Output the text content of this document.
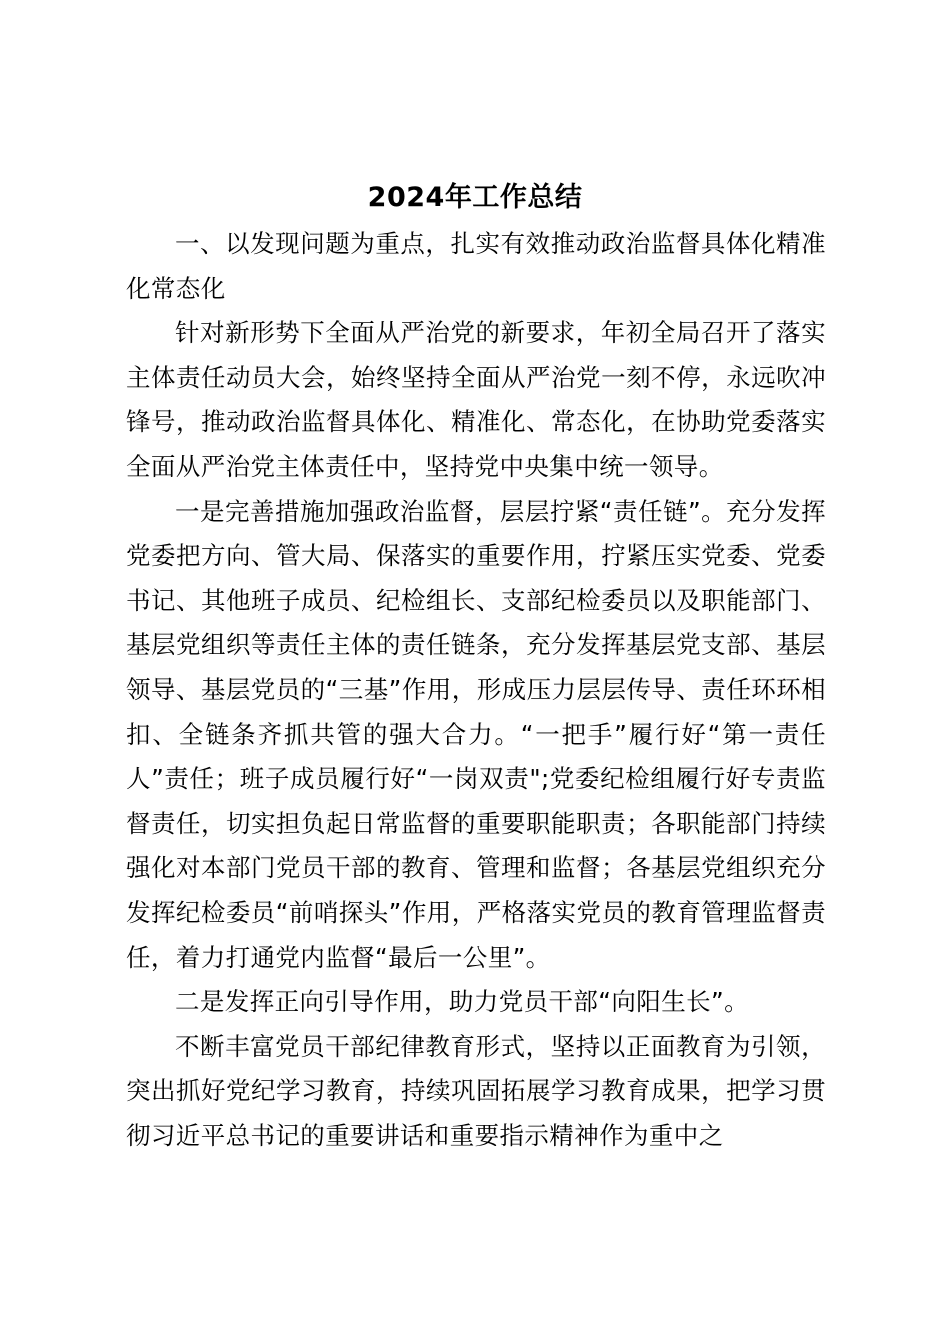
2024年工作总结

一、以发现问题为重点，扎实有效推动政治监督具体化精准化常态化

针对新形势下全面从严治党的新要求，年初全局召开了落实主体责任动员大会，始终坚持全面从严治党一刻不停，永远吹冲锋号，推动政治监督具体化、精准化、常态化，在协助党委落实全面从严治党主体责任中，坚持党中央集中统一领导。

一是完善措施加强政治监督，层层拧紧“责任链”。充分发挥党委把方向、管大局、保落实的重要作用，拧紧压实党委、党委书记、其他班子成员、纪检组长、支部纪检委员以及职能部门、基层党组织等责任主体的责任链条，充分发挥基层党支部、基层领导、基层党员的“三基”作用，形成压力层层传导、责任环环相扣、全链条齐抓共管的强大合力。“一把手”履行好“第一责任人”责任；班子成员履行好“一岗双责";党委纪检组履行好专责监督责任，切实担负起日常监督的重要职能职责；各职能部门持续强化对本部门党员干部的教育、管理和监督；各基层党组织充分发挥纪检委员“前哨探头”作用，严格落实党员的教育管理监督责任，着力打通党内监督“最后一公里”。

二是发挥正向引导作用，助力党员干部“向阳生长”。

不断丰富党员干部纪律教育形式，坚持以正面教育为引领，突出抓好党纪学习教育，持续巩固拓展学习教育成果，把学习贯彻习近平总书记的重要讲话和重要指示精神作为重中之
